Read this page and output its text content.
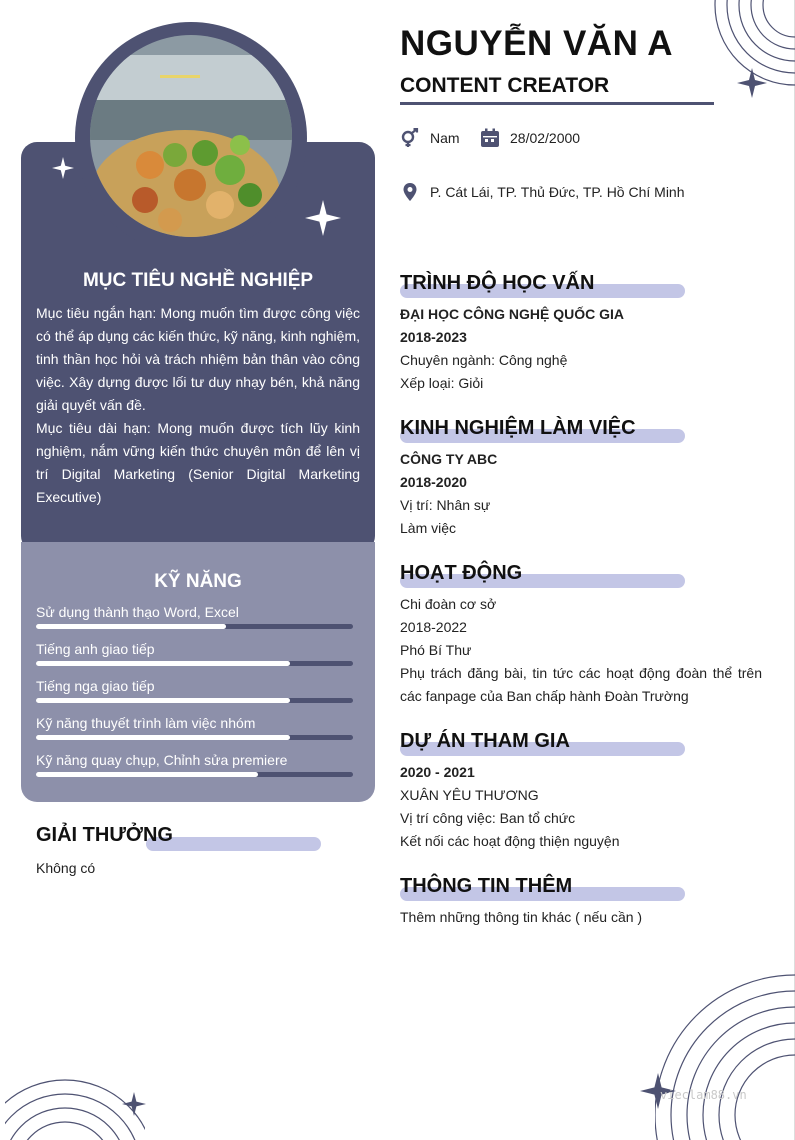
MỤC TIÊU NGHỀ NGHIỆP

Mục tiêu ngắn hạn: Mong muốn tìm được công việc có thể áp dụng các kiến thức, kỹ năng, kinh nghiệm, tinh thần học hỏi và trách nhiệm bản thân vào công việc. Xây dựng được lối tư duy nhạy bén, khả năng giải quyết vấn đề.

Mục tiêu dài hạn: Mong muốn được tích lũy kinh nghiệm, nắm vững kiến thức chuyên môn để lên vị trí Digital Marketing (Senior Digital Marketing Executive)

KỸ NĂNG
Sử dụng thành thạo Word, Excel
Tiếng anh giao tiếp
Tiếng nga giao tiếp
Kỹ năng thuyết trình làm việc nhóm
Kỹ năng quay chụp, Chỉnh sửa premiere
GIẢI THƯỞNG
Không có
NGUYỄN VĂN A
CONTENT CREATOR
Nam	28/02/2000
P. Cát Lái, TP. Thủ Đức, TP. Hồ Chí Minh
TRÌNH ĐỘ HỌC VẤN
ĐẠI HỌC CÔNG NGHỆ QUỐC GIA
2018-2023
Chuyên ngành: Công nghệ
Xếp loại: Giỏi
KINH NGHIỆM LÀM VIỆC
CÔNG TY ABC
2018-2020
Vị trí: Nhân sự
Làm việc
HOẠT ĐỘNG
Chi đoàn cơ sở
2018-2022
Phó Bí Thư
Phụ trách đăng bài, tin tức các hoạt động đoàn thể trên các fanpage của Ban chấp hành Đoàn Trường
DỰ ÁN THAM GIA
2020 - 2021
XUÂN YÊU THƯƠNG
Vị trí công việc: Ban tổ chức
Kết nối các hoạt động thiện nguyện
THÔNG TIN THÊM
Thêm những thông tin khác ( nếu cần )
vieclam88.vn
